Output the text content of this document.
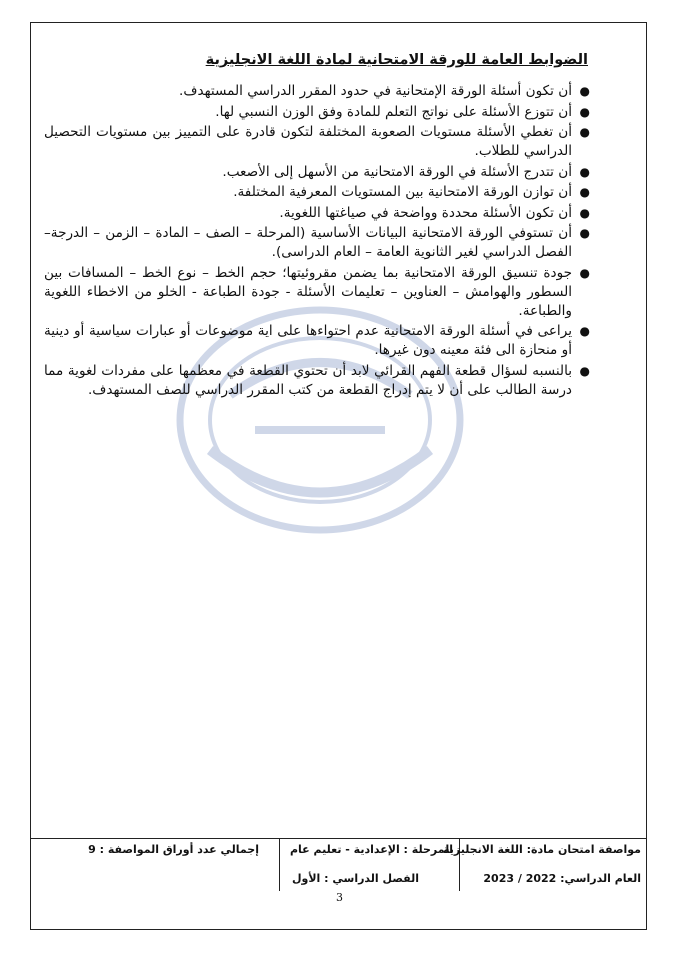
الضوابط العامة للورقة الامتحانية لمادة اللغة الانجليزية
●
أن تكون أسئلة الورقة الإمتحانية في حدود المقرر الدراسي المستهدف.
●
أن تتوزع الأسئلة على نواتج التعلم للمادة وفق الوزن النسبي لها.
●
أن تغطي الأسئلة مستويات الصعوبة المختلفة لتكون قادرة على التمييز بين مستويات التحصيل الدراسي للطلاب.
●
أن تتدرج الأسئلة في الورقة الامتحانية من الأسهل إلى الأصعب.
●
أن توازن الورقة الامتحانية بين المستويات المعرفية المختلفة.
●
أن تكون الأسئلة محددة وواضحة في صياغتها اللغوية.
●
أن تستوفي الورقة الامتحانية البيانات الأساسية (المرحلة – الصف – المادة – الزمن – الدرجة– الفصل الدراسي لغير الثانوية العامة – العام الدراسى).
●
جودة تنسيق الورقة الامتحانية بما يضمن مقروئيتها؛ حجم الخط – نوع الخط – المسافات بين السطور والهوامش – العناوين – تعليمات الأسئلة - جودة الطباعة - الخلو من الاخطاء اللغوية والطباعة.
●
يراعى في أسئلة الورقة الامتحانية عدم احتواءها على اية موضوعات أو عبارات سياسية أو دينية أو منحازة الى فئة معينه دون غيرها.
●
بالنسبه لسؤال قطعة الفهم القرائي لابد أن تحتوي القطعة في معظمها على مفردات لغوية مما درسة الطالب على أن لا يتم إدراج القطعة من كتب المقرر الدراسي للصف المستهدف.
مواصفة امتحان مادة: اللغة الانجليزية
العام الدراسي: 2022 / 2023
المرحلة : الإعدادية - تعليم عام
الفصل الدراسي : الأول
إجمالي عدد أوراق المواصفة : 9
3
